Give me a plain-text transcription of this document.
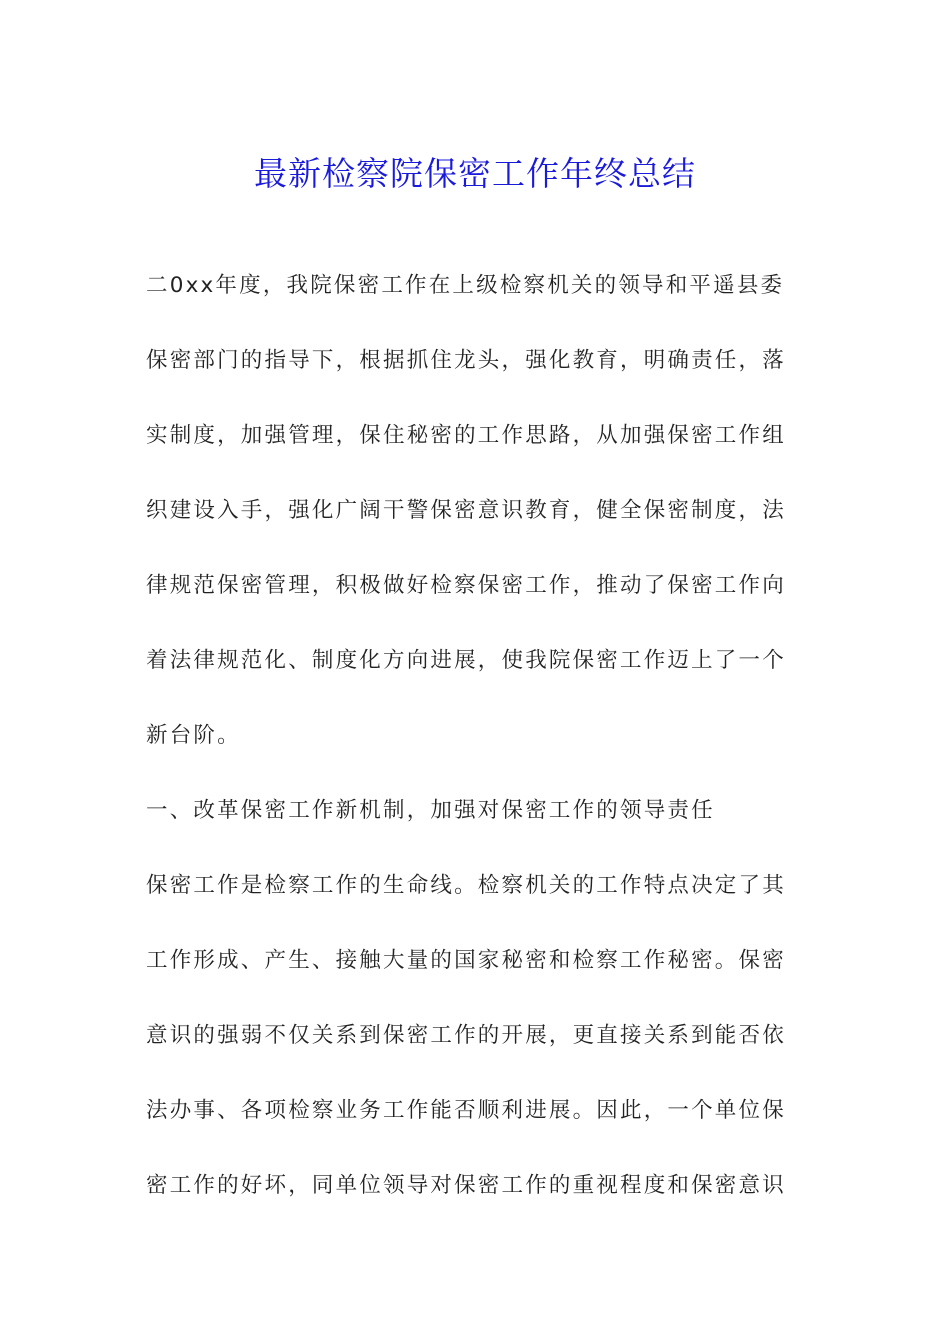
最新检察院保密工作年终总结
二0xx年度，我院保密工作在上级检察机关的领导和平遥县委
保密部门的指导下，根据抓住龙头，强化教育，明确责任，落
实制度，加强管理，保住秘密的工作思路，从加强保密工作组
织建设入手，强化广阔干警保密意识教育，健全保密制度，法
律规范保密管理，积极做好检察保密工作，推动了保密工作向
着法律规范化、制度化方向进展，使我院保密工作迈上了一个
新台阶。
一、改革保密工作新机制，加强对保密工作的领导责任
保密工作是检察工作的生命线。检察机关的工作特点决定了其
工作形成、产生、接触大量的国家秘密和检察工作秘密。保密
意识的强弱不仅关系到保密工作的开展，更直接关系到能否依
法办事、各项检察业务工作能否顺利进展。因此，一个单位保
密工作的好坏，同单位领导对保密工作的重视程度和保密意识
